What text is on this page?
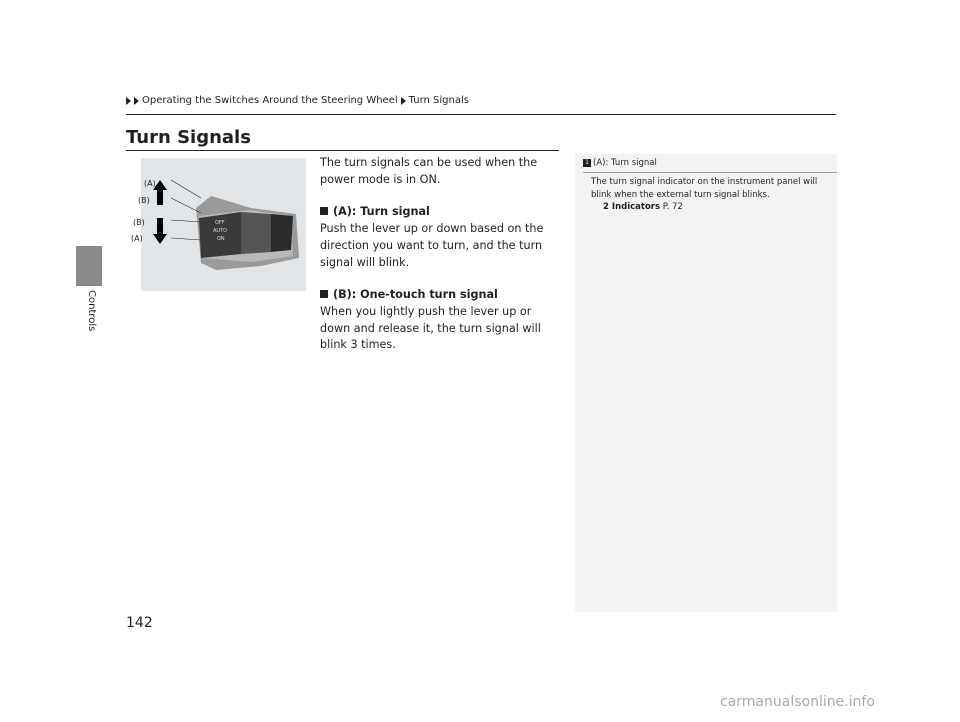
Operating the Switches Around the Steering Wheel Turn Signals
Turn Signals
Controls
OFF
AUTO
ON
(A)
(B)
(B)
(A)

The turn signals can be used when the power mode is in ON.

(A): Turn signal

Push the lever up or down based on the direction you want to turn, and the turn signal will blink.

(B): One-touch turn signal

When you lightly push the lever up or down and release it, the turn signal will blink 3 times.

1 (A): Turn signal

The turn signal indicator on the instrument panel will blink when the external turn signal blinks.

2 Indicators P. 72

142
carmanualsonline.info
